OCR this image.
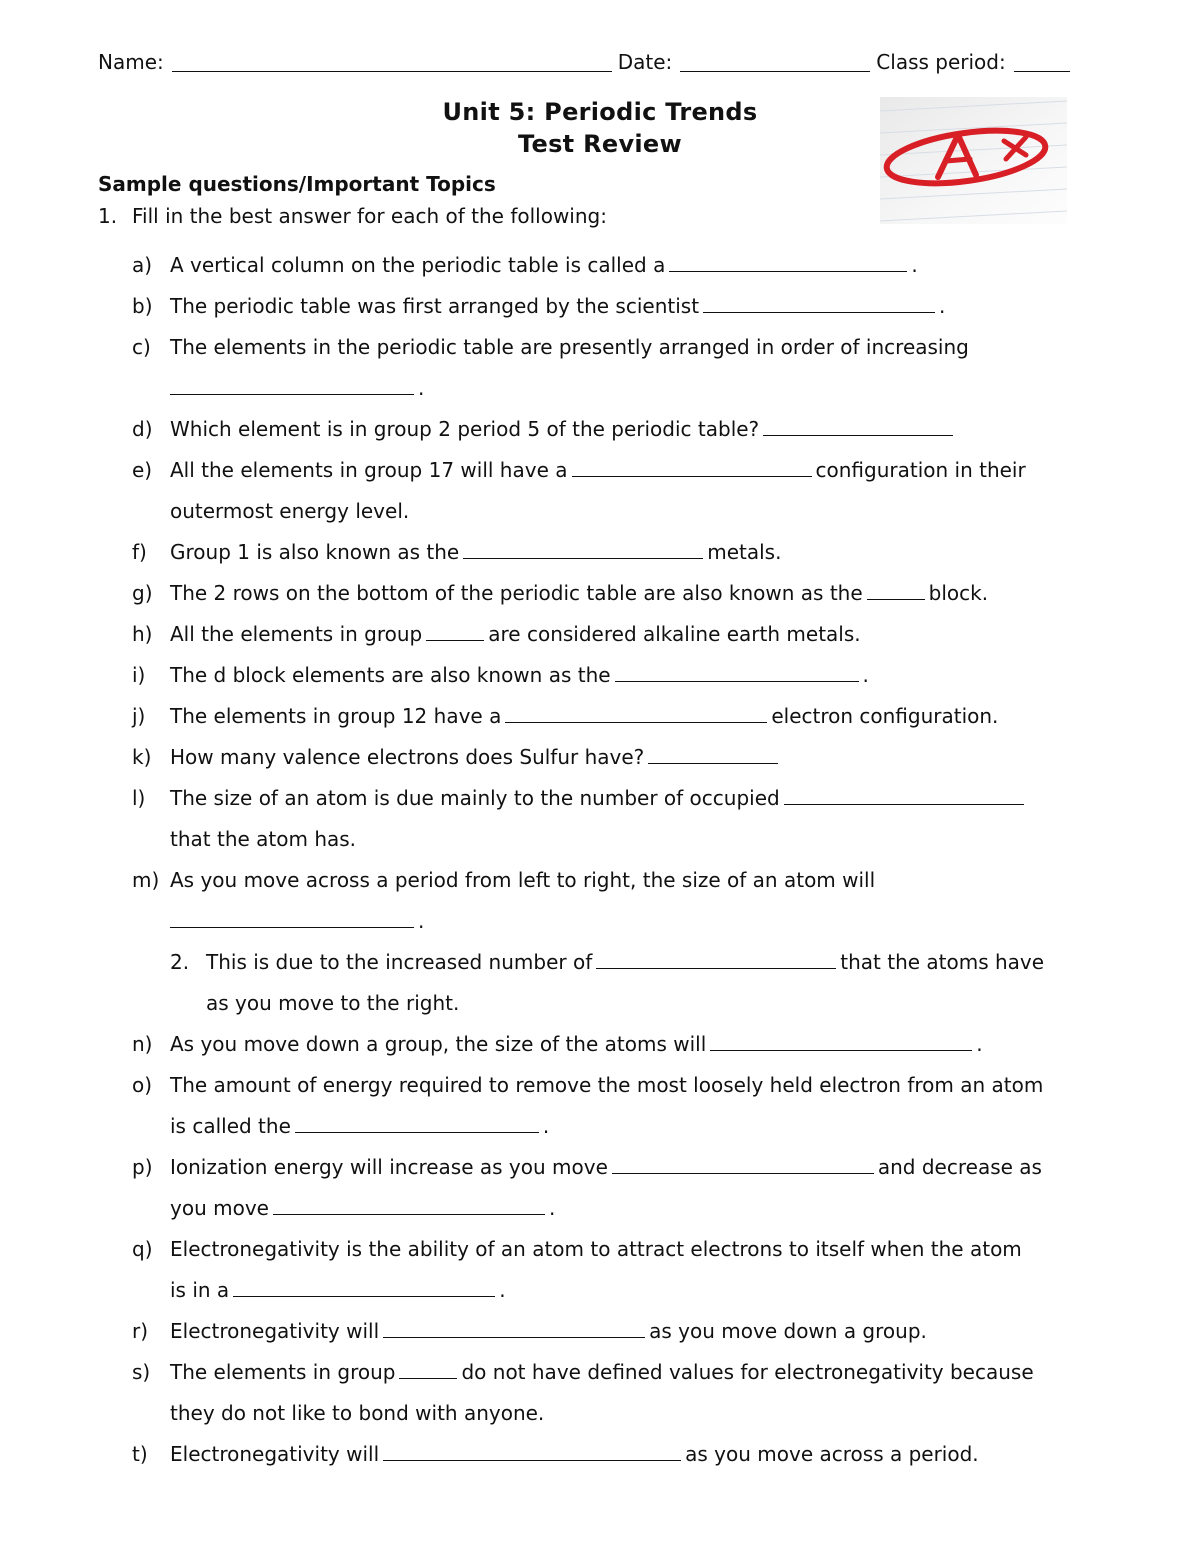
Name:	Date:	Class period:
Unit 5: Periodic Trends
Test Review
Sample questions/Important Topics
1. Fill in the best answer for each of the following:
a) A vertical column on the periodic table is called a	.
b) The periodic table was first arranged by the scientist	.
c) The elements in the periodic table are presently arranged in order of increasing
.
d) Which element is in group 2 period 5 of the periodic table?
e) All the elements in group 17 will have a	configuration in their
outermost energy level.
f) Group 1 is also known as the	metals.
g) The 2 rows on the bottom of the periodic table are also known as the	block.
h) All the elements in group	are considered alkaline earth metals.
i) The d block elements are also known as the	.
j) The elements in group 12 have a	electron configuration.
k) How many valence electrons does Sulfur have?
l) The size of an atom is due mainly to the number of occupied
that the atom has.
m) As you move across a period from left to right, the size of an atom will
.
2. This is due to the increased number of	that the atoms have
as you move to the right.
n) As you move down a group, the size of the atoms will	.
o) The amount of energy required to remove the most loosely held electron from an atom
is called the	.
p) Ionization energy will increase as you move	and decrease as
you move	.
q) Electronegativity is the ability of an atom to attract electrons to itself when the atom
is in a	.
r) Electronegativity will	as you move down a group.
s) The elements in group	do not have defined values for electronegativity because
they do not like to bond with anyone.
t) Electronegativity will	as you move across a period.
